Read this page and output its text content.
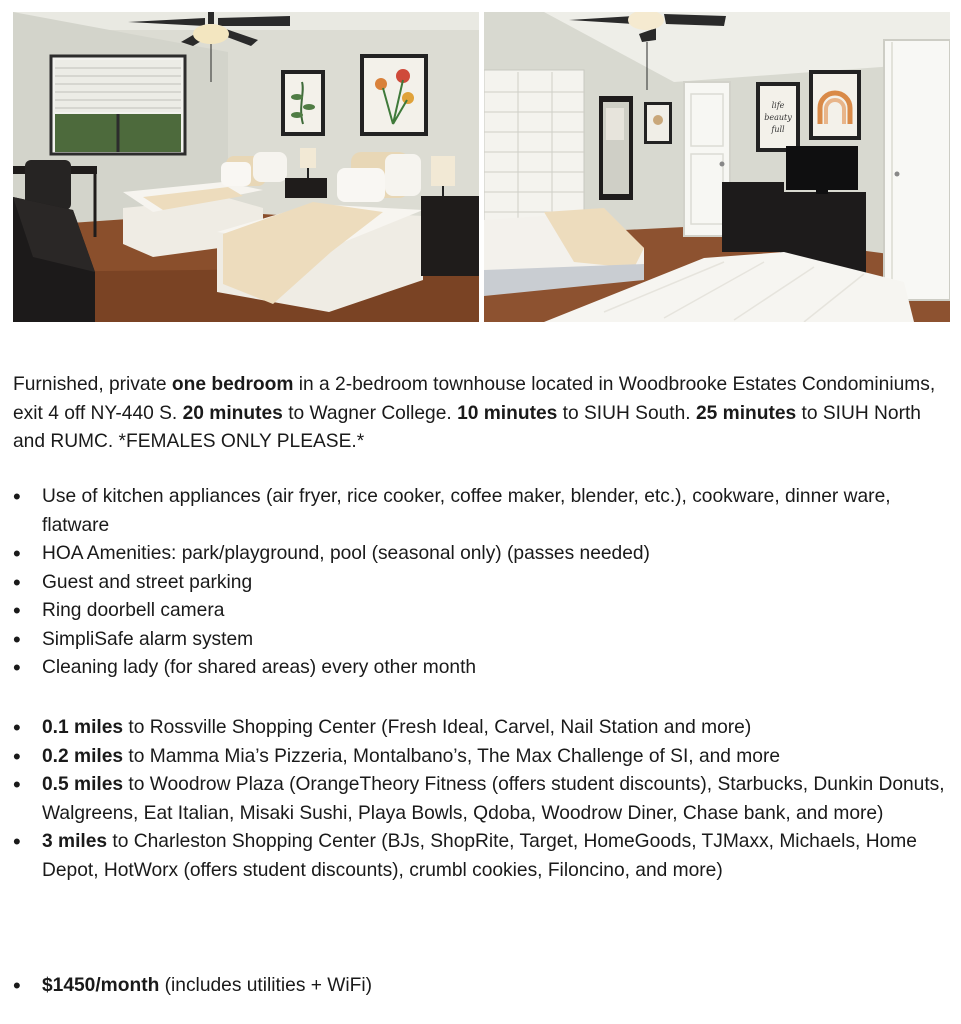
life
beauty
full
Furnished, private one bedroom in a 2-bedroom townhouse located in Woodbrooke Estates Condominiums, exit 4 off NY-440 S. 20 minutes to Wagner College. 10 minutes to SIUH South. 25 minutes to SIUH North and RUMC. *FEMALES ONLY PLEASE.*
• Use of kitchen appliances (air fryer, rice cooker, coffee maker, blender, etc.), cookware, dinner ware, flatware
• HOA Amenities: park/playground, pool (seasonal only) (passes needed)
• Guest and street parking
• Ring doorbell camera
• SimpliSafe alarm system
• Cleaning lady (for shared areas) every other month
• 0.1 miles to Rossville Shopping Center (Fresh Ideal, Carvel, Nail Station and more)
• 0.2 miles to Mamma Mia’s Pizzeria, Montalbano’s, The Max Challenge of SI, and more
• 0.5 miles to Woodrow Plaza (OrangeTheory Fitness (offers student discounts), Starbucks, Dunkin Donuts, Walgreens, Eat Italian, Misaki Sushi, Playa Bowls, Qdoba, Woodrow Diner, Chase bank, and more)
• 3 miles to Charleston Shopping Center (BJs, ShopRite, Target, HomeGoods, TJMaxx, Michaels, Home Depot, HotWorx (offers student discounts), crumbl cookies, Filoncino, and more)
• $1450/month (includes utilities + WiFi)
